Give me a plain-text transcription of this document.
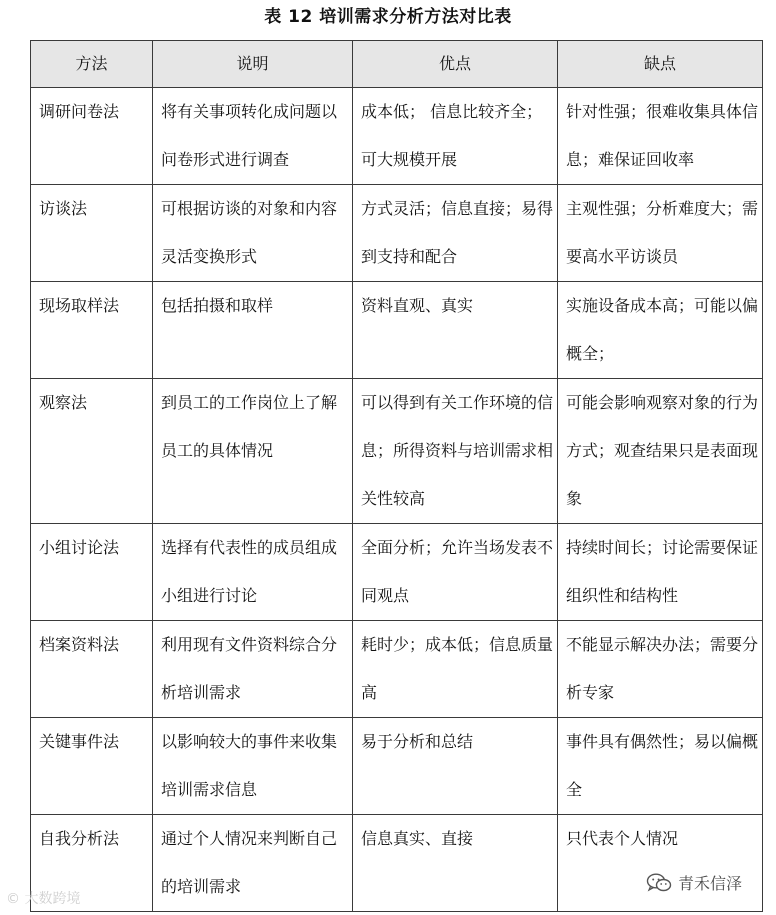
表 12 培训需求分析方法对比表
方法	说明	优点	缺点
调研问卷法	将有关事项转化成问题以问卷形式进行调查	成本低； 信息比较齐全；可大规模开展	针对性强；很难收集具体信息；难保证回收率
访谈法	可根据访谈的对象和内容灵活变换形式	方式灵活；信息直接；易得到支持和配合	主观性强；分析难度大；需要高水平访谈员
现场取样法	包括拍摄和取样	资料直观、真实	实施设备成本高；可能以偏概全；
观察法	到员工的工作岗位上了解员工的具体情况	可以得到有关工作环境的信息；所得资料与培训需求相关性较高	可能会影响观察对象的行为方式；观查结果只是表面现象
小组讨论法	选择有代表性的成员组成小组进行讨论	全面分析；允许当场发表不同观点	持续时间长；讨论需要保证组织性和结构性
档案资料法	利用现有文件资料综合分析培训需求	耗时少；成本低；信息质量高	不能显示解决办法；需要分析专家
关键事件法	以影响较大的事件来收集培训需求信息	易于分析和总结	事件具有偶然性；易以偏概全
自我分析法	通过个人情况来判断自己的培训需求	信息真实、直接	只代表个人情况
© 大数跨境
青禾信泽
